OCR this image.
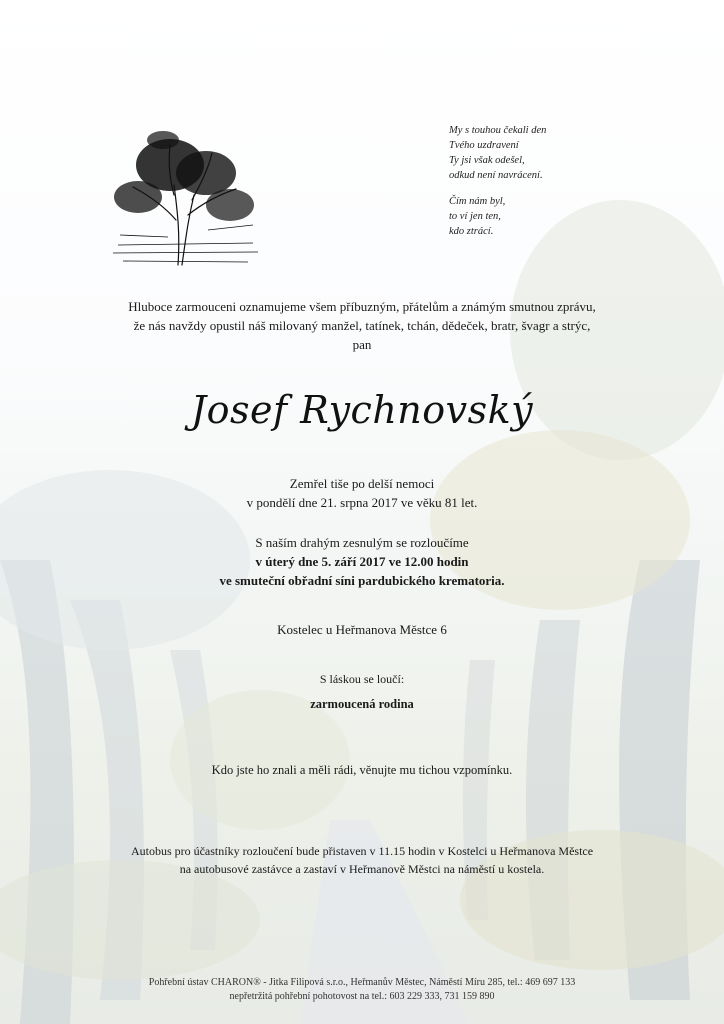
My s touhou čekali den

Tvého uzdravení

Ty jsi však odešel,

odkud není navrácení.

Čím nám byl,

to ví jen ten,

kdo ztrácí.

Hluboce zarmouceni oznamujeme všem příbuzným, přátelům a známým smutnou zprávu,
že nás navždy opustil náš milovaný manžel, tatínek, tchán, dědeček, bratr, švagr a strýc,
pan
Josef Rychnovský
Zemřel tiše po delší nemoci
v pondělí dne 21. srpna 2017 ve věku 81 let.
S naším drahým zesnulým se rozloučíme
v úterý dne 5. září 2017 ve 12.00 hodin
ve smuteční obřadní síni pardubického krematoria.
Kostelec u Heřmanova Městce 6
S láskou se loučí:
zarmoucená rodina
Kdo jste ho znali a měli rádi, věnujte mu tichou vzpomínku.
Autobus pro účastníky rozloučení bude přistaven v 11.15 hodin v Kostelci u Heřmanova Městce
na autobusové zastávce a zastaví v Heřmanově Městci na náměstí u kostela.
Pohřební ústav CHARON® - Jitka Filipová s.r.o., Heřmanův Městec, Náměstí Míru 285, tel.: 469 697 133
nepřetržitá pohřební pohotovost na tel.: 603 229 333, 731 159 890
